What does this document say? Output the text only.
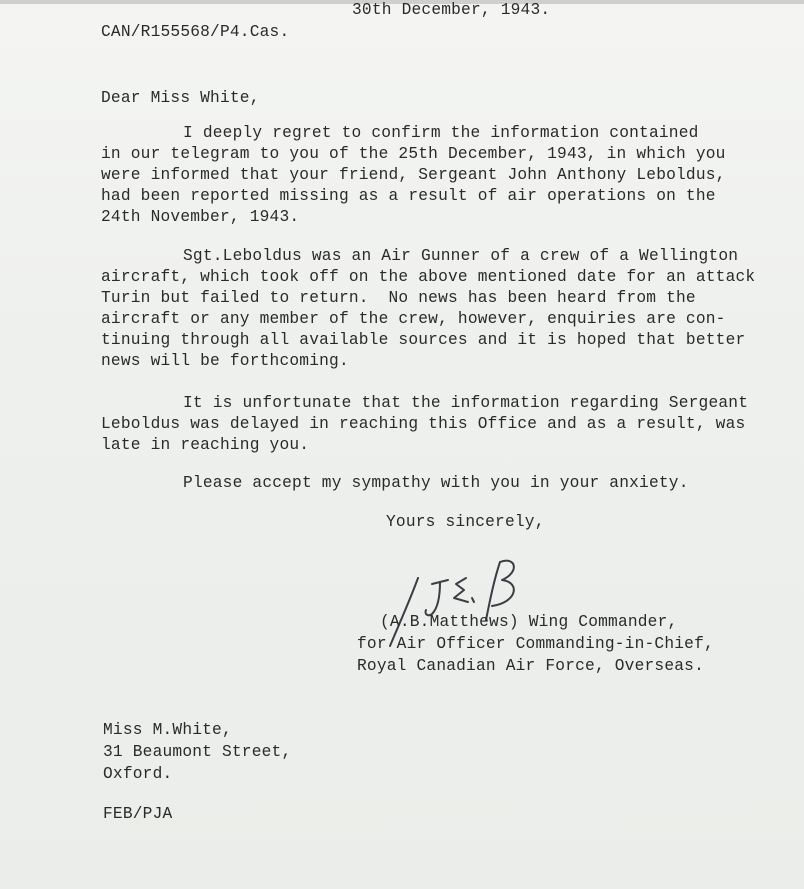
30th December, 1943.
CAN/R155568/P4.Cas.
Dear Miss White,
I deeply regret to confirm the information contained
in our telegram to you of the 25th December, 1943, in which you
were informed that your friend, Sergeant John Anthony Leboldus,
had been reported missing as a result of air operations on the
24th November, 1943.
Sgt.Leboldus was an Air Gunner of a crew of a Wellington
aircraft, which took off on the above mentioned date for an attack
Turin but failed to return.  No news has been heard from the
aircraft or any member of the crew, however, enquiries are con-
tinuing through all available sources and it is hoped that better
news will be forthcoming.
It is unfortunate that the information regarding Sergeant
Leboldus was delayed in reaching this Office and as a result, was
late in reaching you.
Please accept my sympathy with you in your anxiety.
Yours sincerely,
(A.B.Matthews) Wing Commander,
for Air Officer Commanding-in-Chief,
Royal Canadian Air Force, Overseas.
Miss M.White,
31 Beaumont Street,
Oxford.
FEB/PJA
